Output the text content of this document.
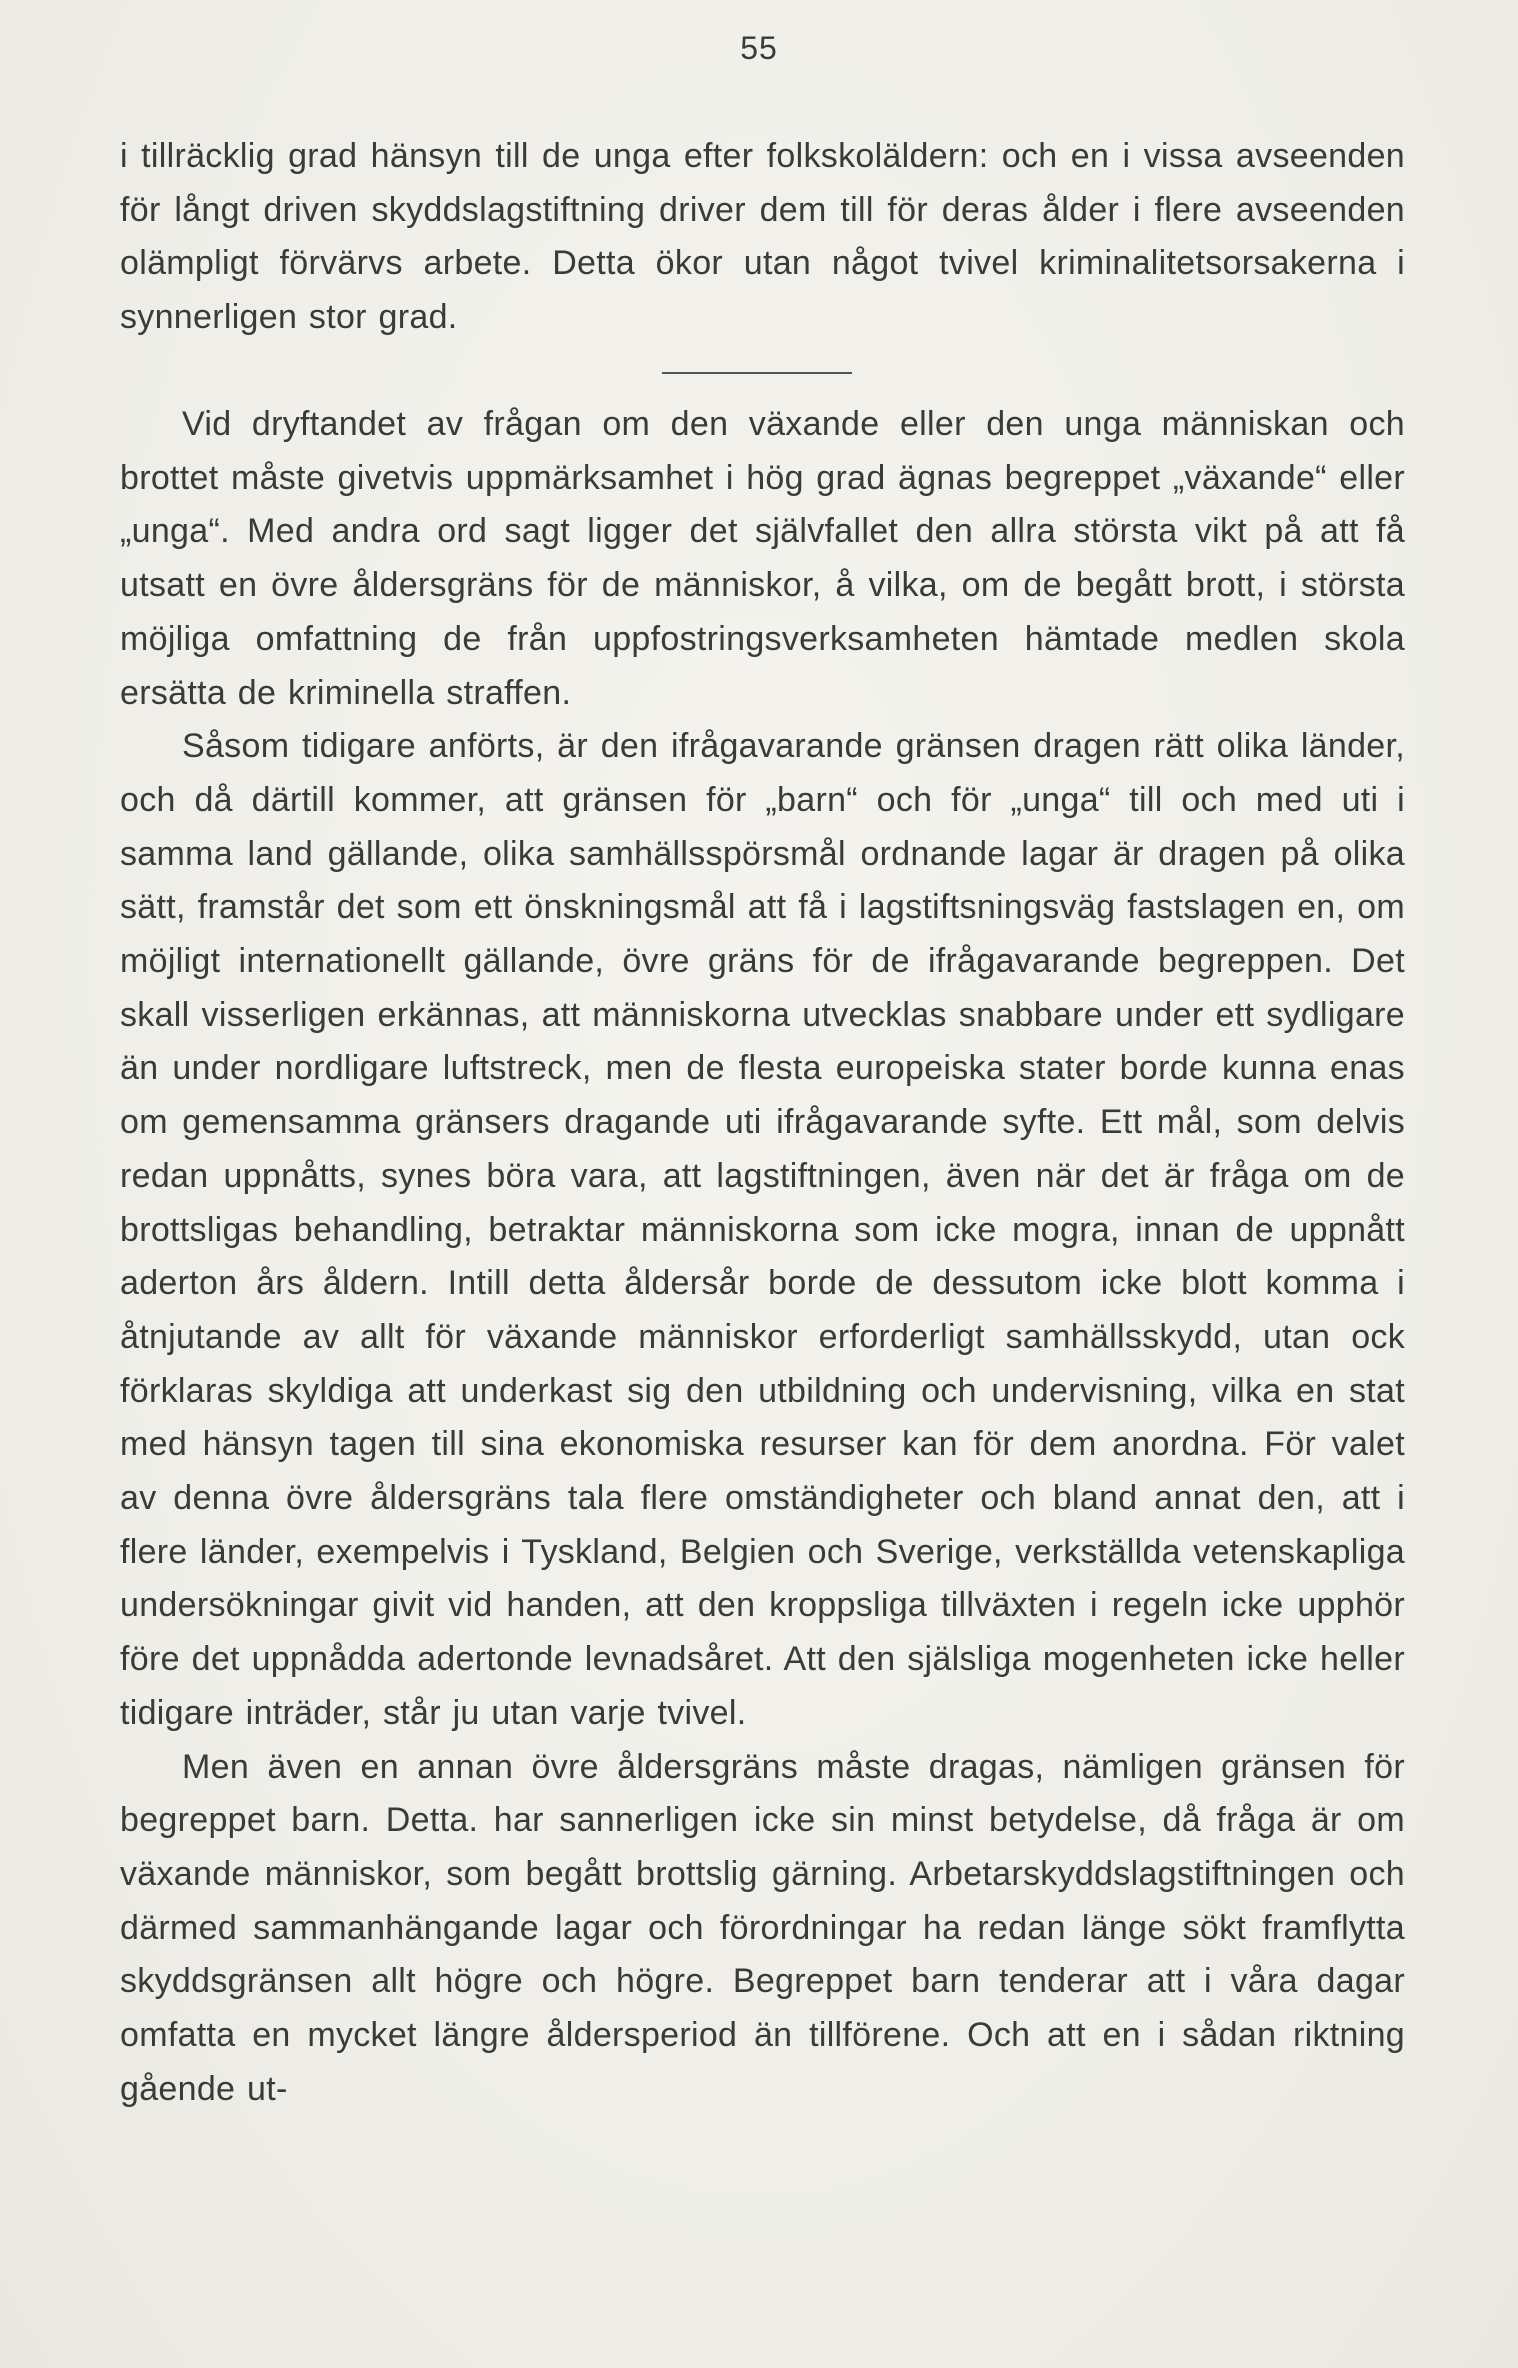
55

i tillräcklig grad hänsyn till de unga efter folkskoläldern: och en i vissa avseenden för långt driven skyddslagstiftning driver dem till för deras ålder i flere avseenden olämpligt förvärvs arbete. Detta ökor utan något tvivel kriminalitetsorsakerna i synnerligen stor grad.

Vid dryftandet av frågan om den växande eller den unga människan och brottet måste givetvis uppmärksamhet i hög grad ägnas begreppet „växande“ eller „unga“. Med andra ord sagt ligger det självfallet den allra största vikt på att få utsatt en övre åldersgräns för de människor, å vilka, om de begått brott, i största möjliga omfattning de från uppfostringsverksamheten hämtade medlen skola ersätta de kriminella straffen.

Såsom tidigare anförts, är den ifrågavarande gränsen dragen rätt olika länder, och då därtill kommer, att gränsen för „barn“ och för „unga“ till och med uti i samma land gällande, olika samhällsspörsmål ordnande lagar är dragen på olika sätt, framstår det som ett önskningsmål att få i lagstiftsningsväg fastslagen en, om möjligt internationellt gällande, övre gräns för de ifrågavarande begreppen. Det skall visserligen erkännas, att människorna utvecklas snabbare under ett sydligare än under nordligare luftstreck, men de flesta europeiska stater borde kunna enas om gemensamma gränsers dragande uti ifrågavarande syfte. Ett mål, som delvis redan uppnåtts, synes böra vara, att lagstiftningen, även när det är fråga om de brottsligas behandling, betraktar människorna som icke mogra, innan de uppnått aderton års åldern. Intill detta åldersår borde de dessutom icke blott komma i åtnjutande av allt för växande människor erforderligt samhällsskydd, utan ock förklaras skyldiga att underkast sig den utbildning och undervisning, vilka en stat med hänsyn tagen till sina ekonomiska resurser kan för dem anordna. För valet av denna övre åldersgräns tala flere omständigheter och bland annat den, att i flere länder, exempelvis i Tyskland, Belgien och Sverige, verkställda vetenskapliga undersökningar givit vid handen, att den kroppsliga tillväxten i regeln icke upphör före det uppnådda adertonde levnadsåret. Att den själsliga mogenheten icke heller tidigare inträder, står ju utan varje tvivel.

Men även en annan övre åldersgräns måste dragas, nämligen gränsen för begreppet barn. Detta. har sannerligen icke sin minst betydelse, då fråga är om växande människor, som begått brottslig gärning. Arbetarskyddslagstiftningen och därmed sammanhängande lagar och förordningar ha redan länge sökt framflytta skyddsgränsen allt högre och högre. Begreppet barn tenderar att i våra dagar omfatta en mycket längre åldersperiod än tillförene. Och att en i sådan riktning gående ut-
